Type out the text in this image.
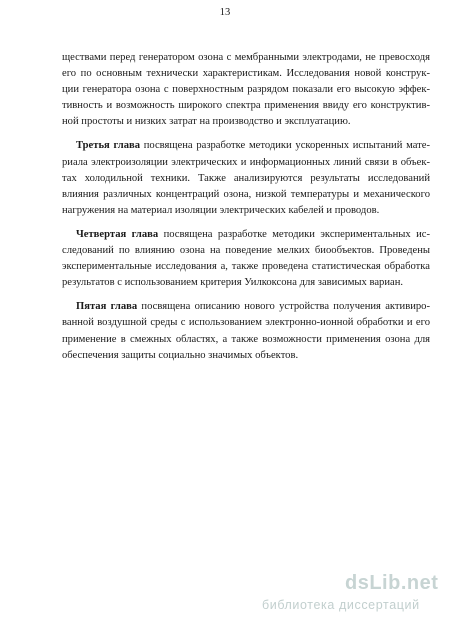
13
ществами перед генератором озона с мембранными электродами, не превосходя
его по основным технически характеристикам. Исследования новой конструк-
ции генератора озона с поверхностным разрядом показали его высокую эффек-
тивность и возможность широкого спектра применения ввиду его конструктив-
ной простоты и низких затрат на производство и эксплуатацию.
Третья глава посвящена разработке методики ускоренных испытаний мате-
риала электроизоляции электрических и информационных линий связи в объек-
тах холодильной техники. Также анализируются результаты исследований
влияния различных концентраций озона, низкой температуры и механического
нагружения на материал изоляции электрических кабелей и проводов.
Четвертая глава посвящена разработке методики экспериментальных ис-
следований по влиянию озона на поведение мелких биообъектов. Проведены
экспериментальные исследования а, также проведена статистическая обработка
результатов с использованием критерия Уилкоксона для зависимых вариан.
Пятая глава посвящена описанию нового устройства получения активиро-
ванной воздушной среды с использованием электронно-ионной обработки и его
применение в смежных областях, а также возможности применения озона для
обеспечения защиты социально значимых объектов.
dsLib.net
библиотека диссертаций
